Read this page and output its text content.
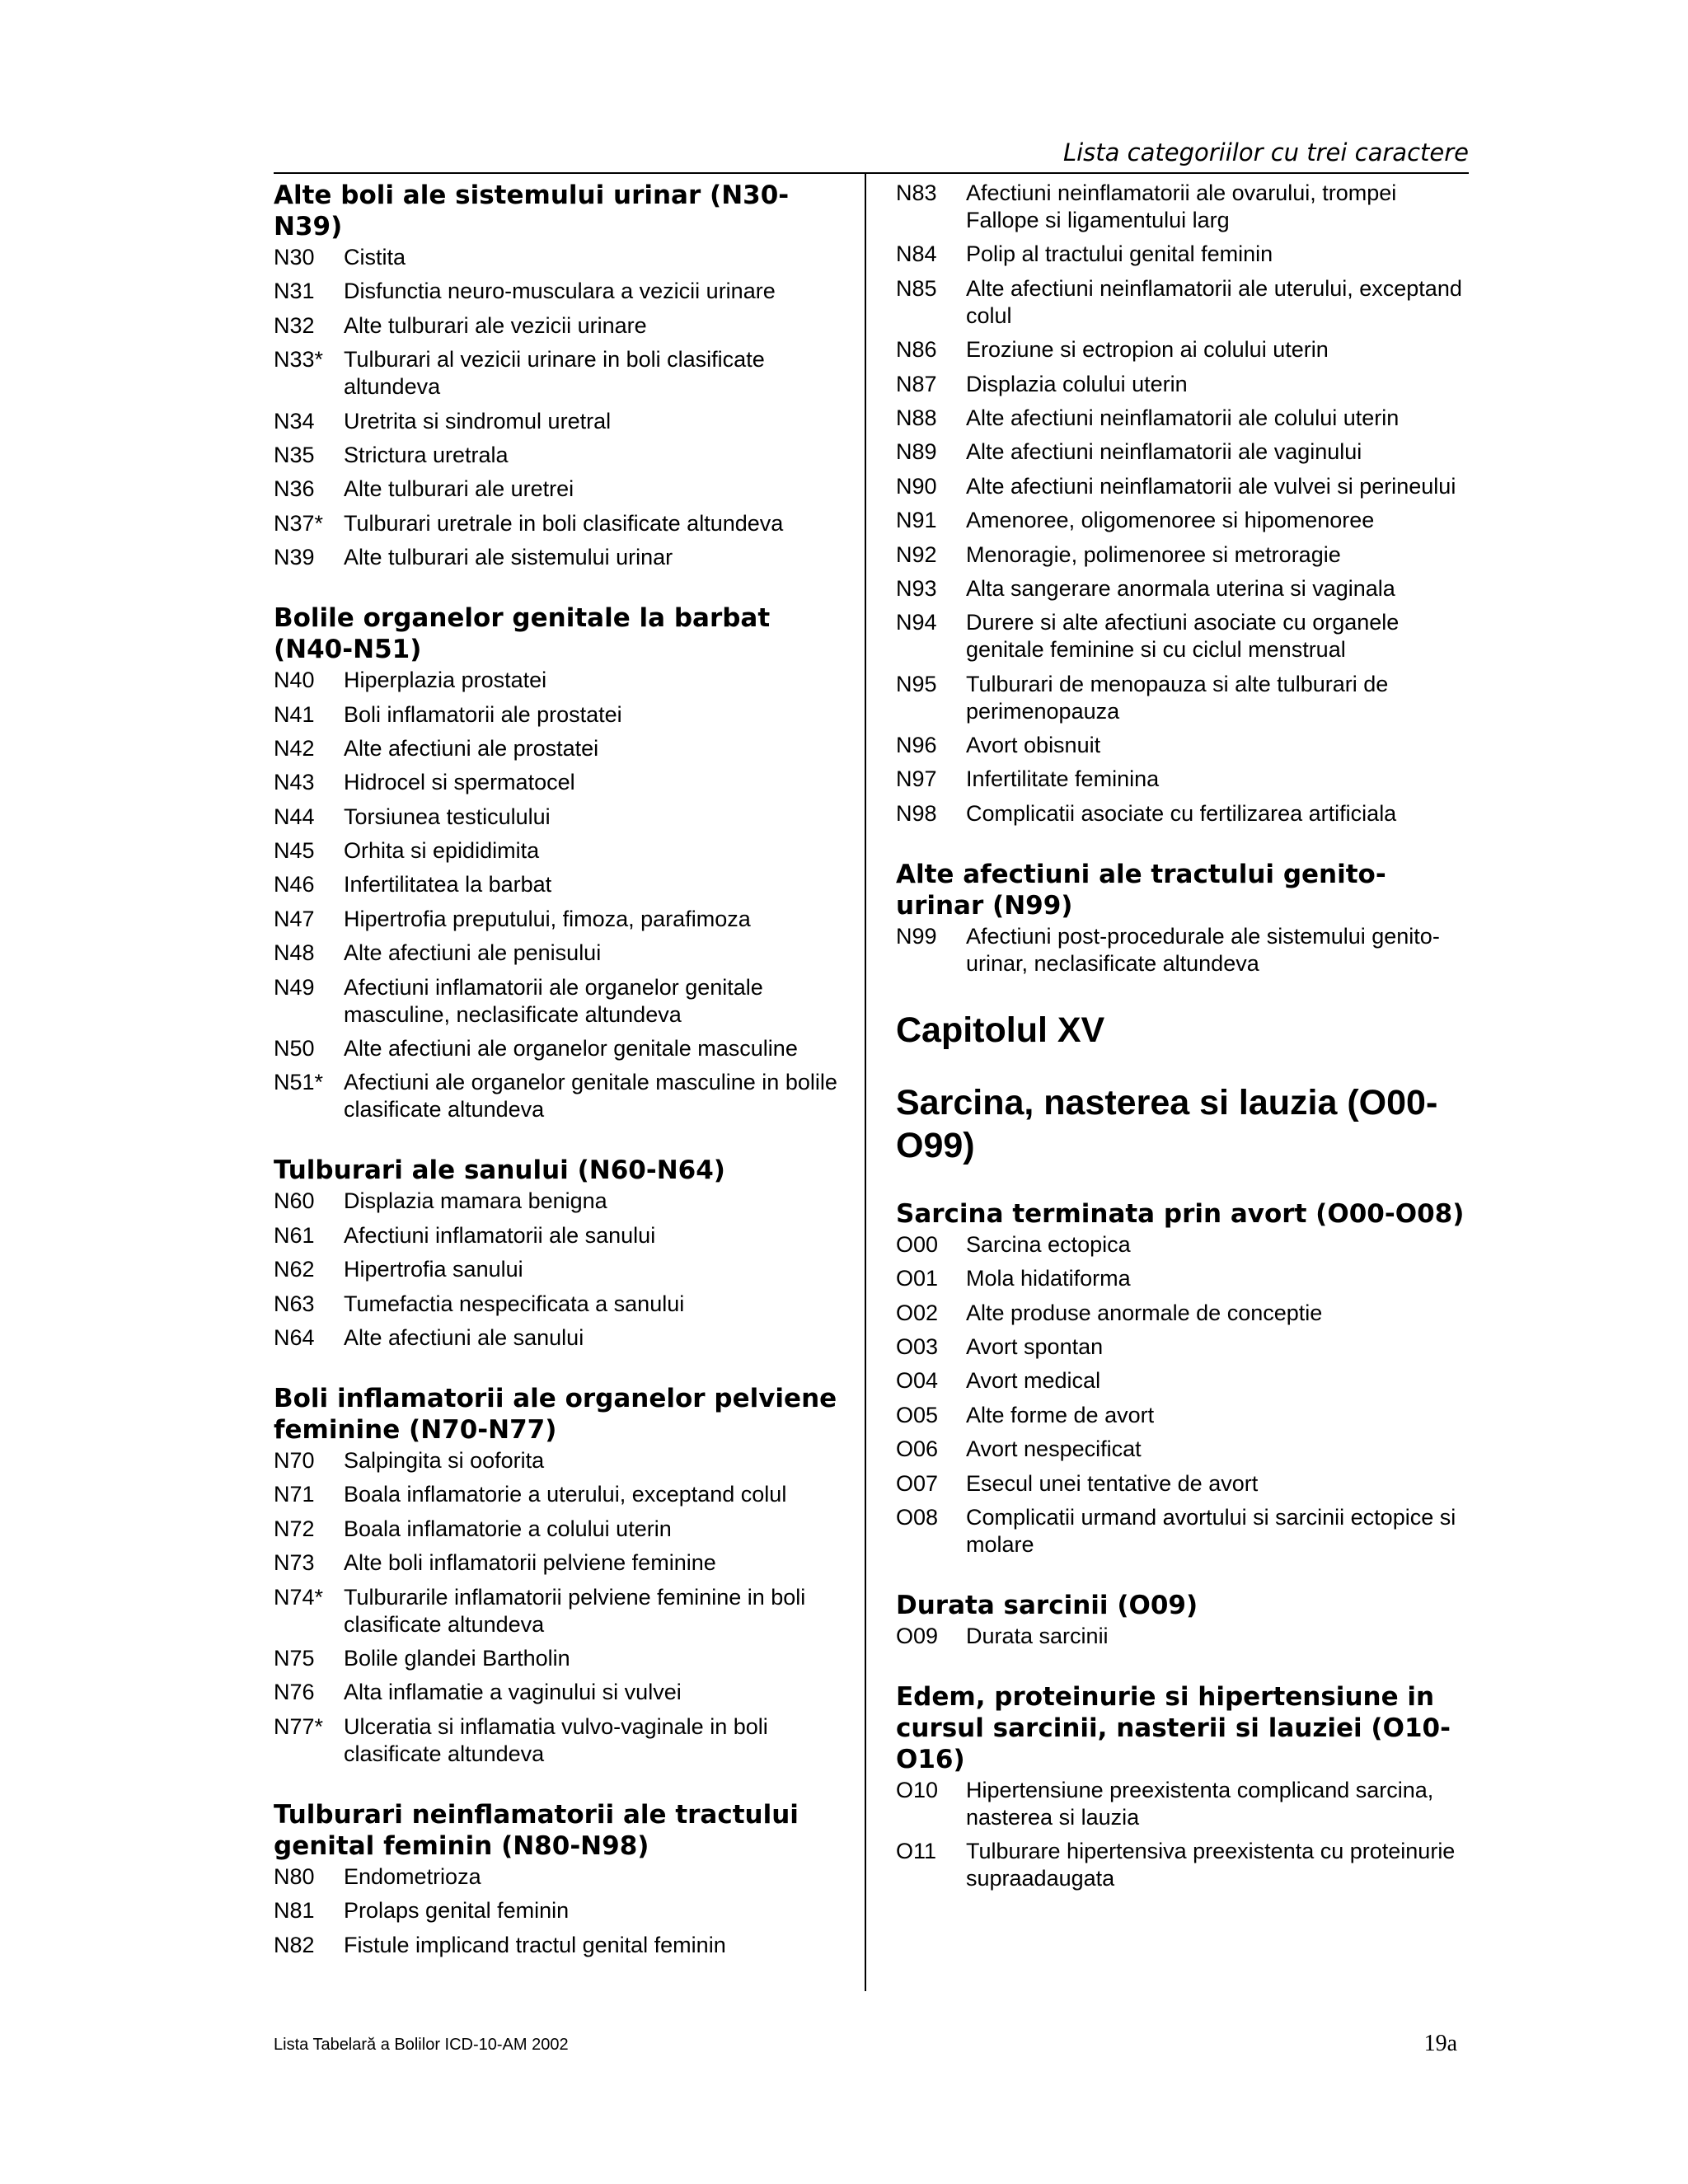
Lista categoriilor cu trei caractere
Alte boli ale sistemului urinar (N30-N39)
N30	Cistita
N31	Disfunctia neuro-musculara a vezicii urinare
N32	Alte tulburari ale vezicii urinare
N33* Tulburari al vezicii urinare in boli clasificate altundeva
N34	Uretrita si sindromul uretral
N35	Strictura uretrala
N36	Alte tulburari ale uretrei
N37* Tulburari uretrale in boli clasificate altundeva
N39	Alte tulburari ale sistemului urinar
Bolile organelor genitale la barbat (N40-N51)
N40	Hiperplazia prostatei
N41	Boli inflamatorii ale prostatei
N42	Alte afectiuni ale prostatei
N43	Hidrocel si spermatocel
N44	Torsiunea testiculului
N45	Orhita si epididimita
N46	Infertilitatea la barbat
N47	Hipertrofia preputului, fimoza, parafimoza
N48	Alte afectiuni ale penisului
N49	Afectiuni inflamatorii ale organelor genitale masculine, neclasificate altundeva
N50	Alte afectiuni ale organelor genitale masculine
N51* Afectiuni ale organelor genitale masculine in bolile clasificate altundeva
Tulburari ale sanului (N60-N64)
N60	Displazia mamara benigna
N61	Afectiuni inflamatorii ale sanului
N62	Hipertrofia sanului
N63	Tumefactia nespecificata a sanului
N64	Alte afectiuni ale sanului
Boli inflamatorii ale organelor pelviene feminine (N70-N77)
N70	Salpingita si ooforita
N71	Boala inflamatorie a uterului, exceptand colul
N72	Boala inflamatorie a colului uterin
N73	Alte boli inflamatorii pelviene feminine
N74* Tulburarile inflamatorii pelviene feminine in boli clasificate altundeva
N75	Bolile glandei Bartholin
N76	Alta inflamatie a vaginului si vulvei
N77* Ulceratia si inflamatia vulvo-vaginale in boli clasificate altundeva
Tulburari neinflamatorii ale tractului genital feminin (N80-N98)
N80	Endometrioza
N81	Prolaps genital feminin
N82	Fistule implicand tractul genital feminin
N83	Afectiuni neinflamatorii ale ovarului, trompei Fallope si ligamentului larg
N84	Polip al tractului genital feminin
N85	Alte afectiuni neinflamatorii ale uterului, exceptand colul
N86	Eroziune si ectropion ai colului uterin
N87	Displazia colului uterin
N88	Alte afectiuni neinflamatorii ale colului uterin
N89	Alte afectiuni neinflamatorii ale vaginului
N90	Alte afectiuni neinflamatorii ale vulvei si perineului
N91	Amenoree, oligomenoree si hipomenoree
N92	Menoragie, polimenoree si metroragie
N93	Alta sangerare anormala uterina si vaginala
N94	Durere si alte afectiuni asociate cu organele genitale feminine si cu ciclul menstrual
N95	Tulburari de menopauza si alte tulburari de perimenopauza
N96	Avort obisnuit
N97	Infertilitate feminina
N98	Complicatii asociate cu fertilizarea artificiala
Alte afectiuni ale tractului genito-urinar (N99)
N99	Afectiuni post-procedurale ale sistemului genito-urinar, neclasificate altundeva
Capitolul XV
Sarcina, nasterea si lauzia (O00-O99)
Sarcina terminata prin avort (O00-O08)
O00	Sarcina ectopica
O01	Mola hidatiforma
O02	Alte produse anormale de conceptie
O03	Avort spontan
O04	Avort medical
O05	Alte forme de avort
O06	Avort nespecificat
O07	Esecul unei tentative de avort
O08	Complicatii urmand avortului si sarcinii ectopice si molare
Durata sarcinii (O09)
O09	Durata sarcinii
Edem, proteinurie si hipertensiune in cursul sarcinii, nasterii si lauziei (O10-O16)
O10	Hipertensiune preexistenta complicand sarcina, nasterea si lauzia
O11	Tulburare hipertensiva preexistenta cu proteinurie supraadaugata
Lista Tabelară a Bolilor ICD-10-AM 2002	19a
